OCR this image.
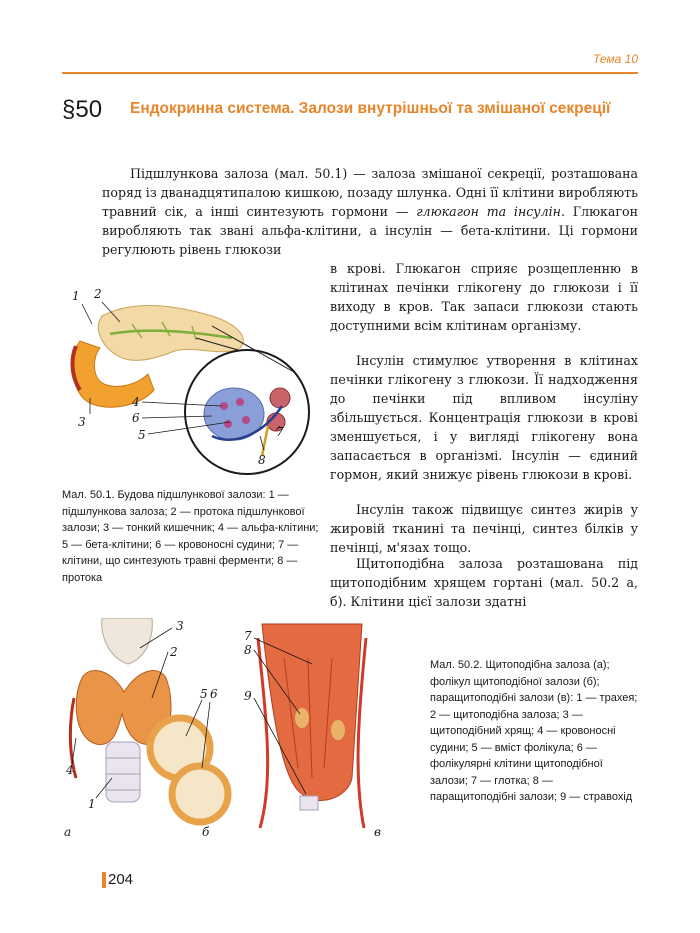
Тема 10
§50 Ендокринна система. Залози внутрішньої та змішаної секреції

Підшлункова залоза (мал. 50.1) — залоза змішаної секреції, розташована поряд із дванадцятипалою кишкою, позаду шлунка. Одні її клітини виробляють травний сік, а інші синтезують гормони — глюкагон та інсулін. Глюкагон виробляють так звані альфа-клітини, а інсулін — бета-клітини. Ці гормони регулюють рівень глюкози

в крові. Глюкагон сприяє розщепленню в клітинах печінки глікогену до глюкози і її виходу в кров. Так запаси глюкози стають доступними всім клітинам організму.

Інсулін стимулює утворення в клітинах печінки глікогену з глюкози. Її надходження до печінки під впливом інсуліну збільшується. Концентрація глюкози в крові зменшується, і у вигляді глікогену вона запасається в організмі. Інсулін — єдиний гормон, який знижує рівень глюкози в крові.

Інсулін також підвищує синтез жирів у жировій тканині та печінці, синтез білків у печінці, м'язах тощо.

Щитоподібна залоза розташована під щитоподібним хрящем гортані (мал. 50.2 а, б). Клітини цієї залози здатні

1 2
3
4
6
5
8
7

Мал. 50.1. Будова підшлункової залози: 1 — підшлункова залоза; 2 — протока підшлункової залози; 3 — тонкий кишечник; 4 — альфа-клітини; 5 — бета-клітини; 6 — кровоносні судини; 7 — клітини, що синтезують травні ферменти; 8 — протока

3
2
5 6
4
1
7
8
9
а	б	в

Мал. 50.2. Щитоподібна залоза (а); фолікул щитоподібної залози (б); паращитоподібні залози (в): 1 — трахея; 2 — щитоподібна залоза; 3 — щитоподібний хрящ; 4 — кровоносні судини; 5 — вміст фолікула; 6 — фолікулярні клітини щитоподібної залози; 7 — глотка; 8 — паращитоподібні залози; 9 — стравохід

204
